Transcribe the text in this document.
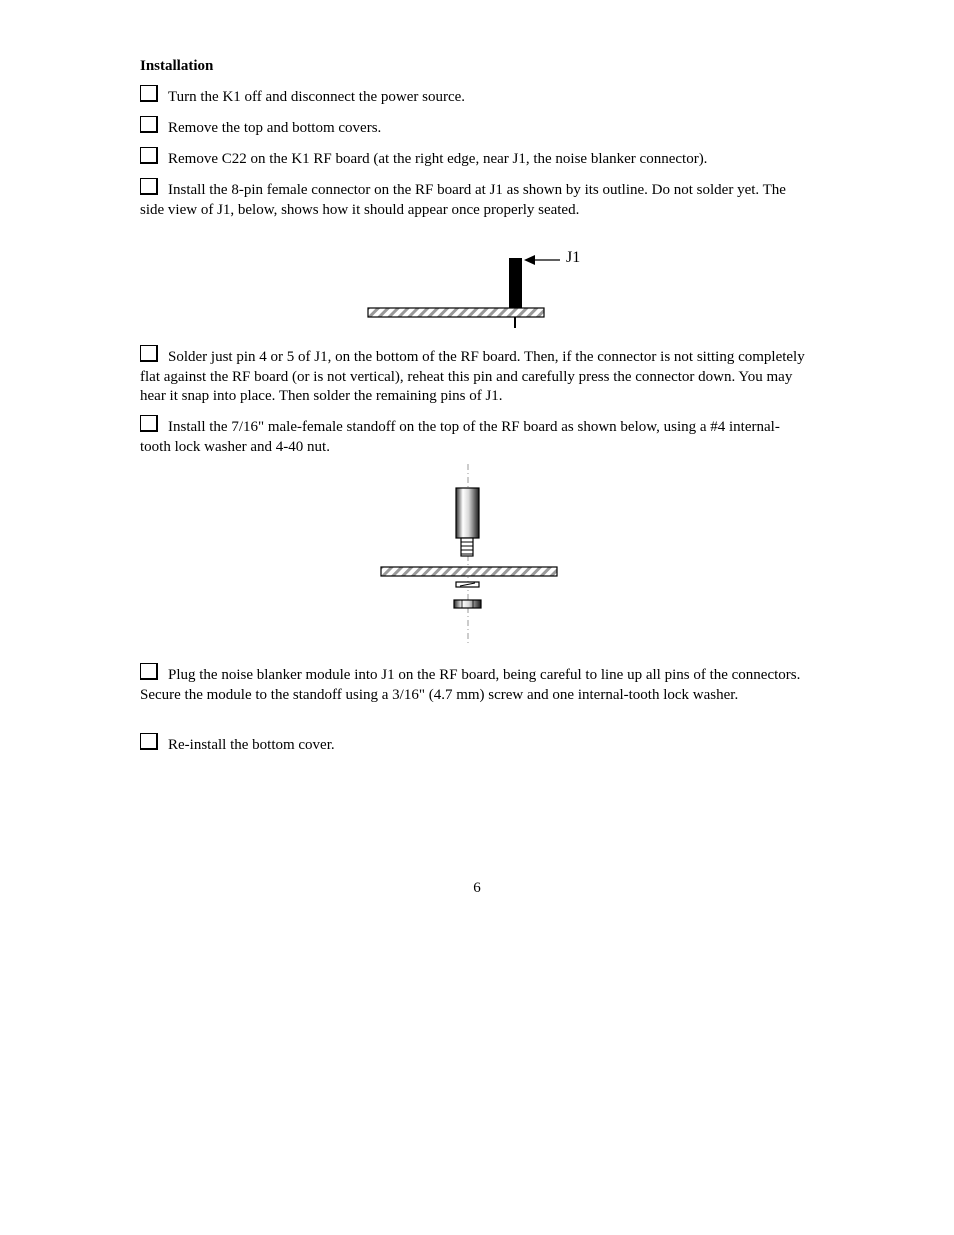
Installation
Turn the K1 off and disconnect the power source.
Remove the top and bottom covers.
Remove C22 on the K1 RF board (at the right edge, near J1, the noise blanker connector).
Install the 8-pin female connector on the RF board at J1 as shown by its outline. Do not solder yet. The side view of J1, below, shows how it should appear once properly seated.
J1
Solder just pin 4 or 5 of J1, on the bottom of the RF board. Then, if the connector is not sitting completely flat against the RF board (or is not vertical), reheat this pin and carefully press the connector down. You may hear it snap into place. Then solder the remaining pins of J1.
Install the 7/16" male-female standoff on the top of the RF board as shown below, using a #4 internal-tooth lock washer and 4-40 nut.
Plug the noise blanker module into J1 on the RF board, being careful to line up all pins of the connectors. Secure the module to the standoff using a 3/16" (4.7 mm) screw and one internal-tooth lock washer.
Re-install the bottom cover.
6
